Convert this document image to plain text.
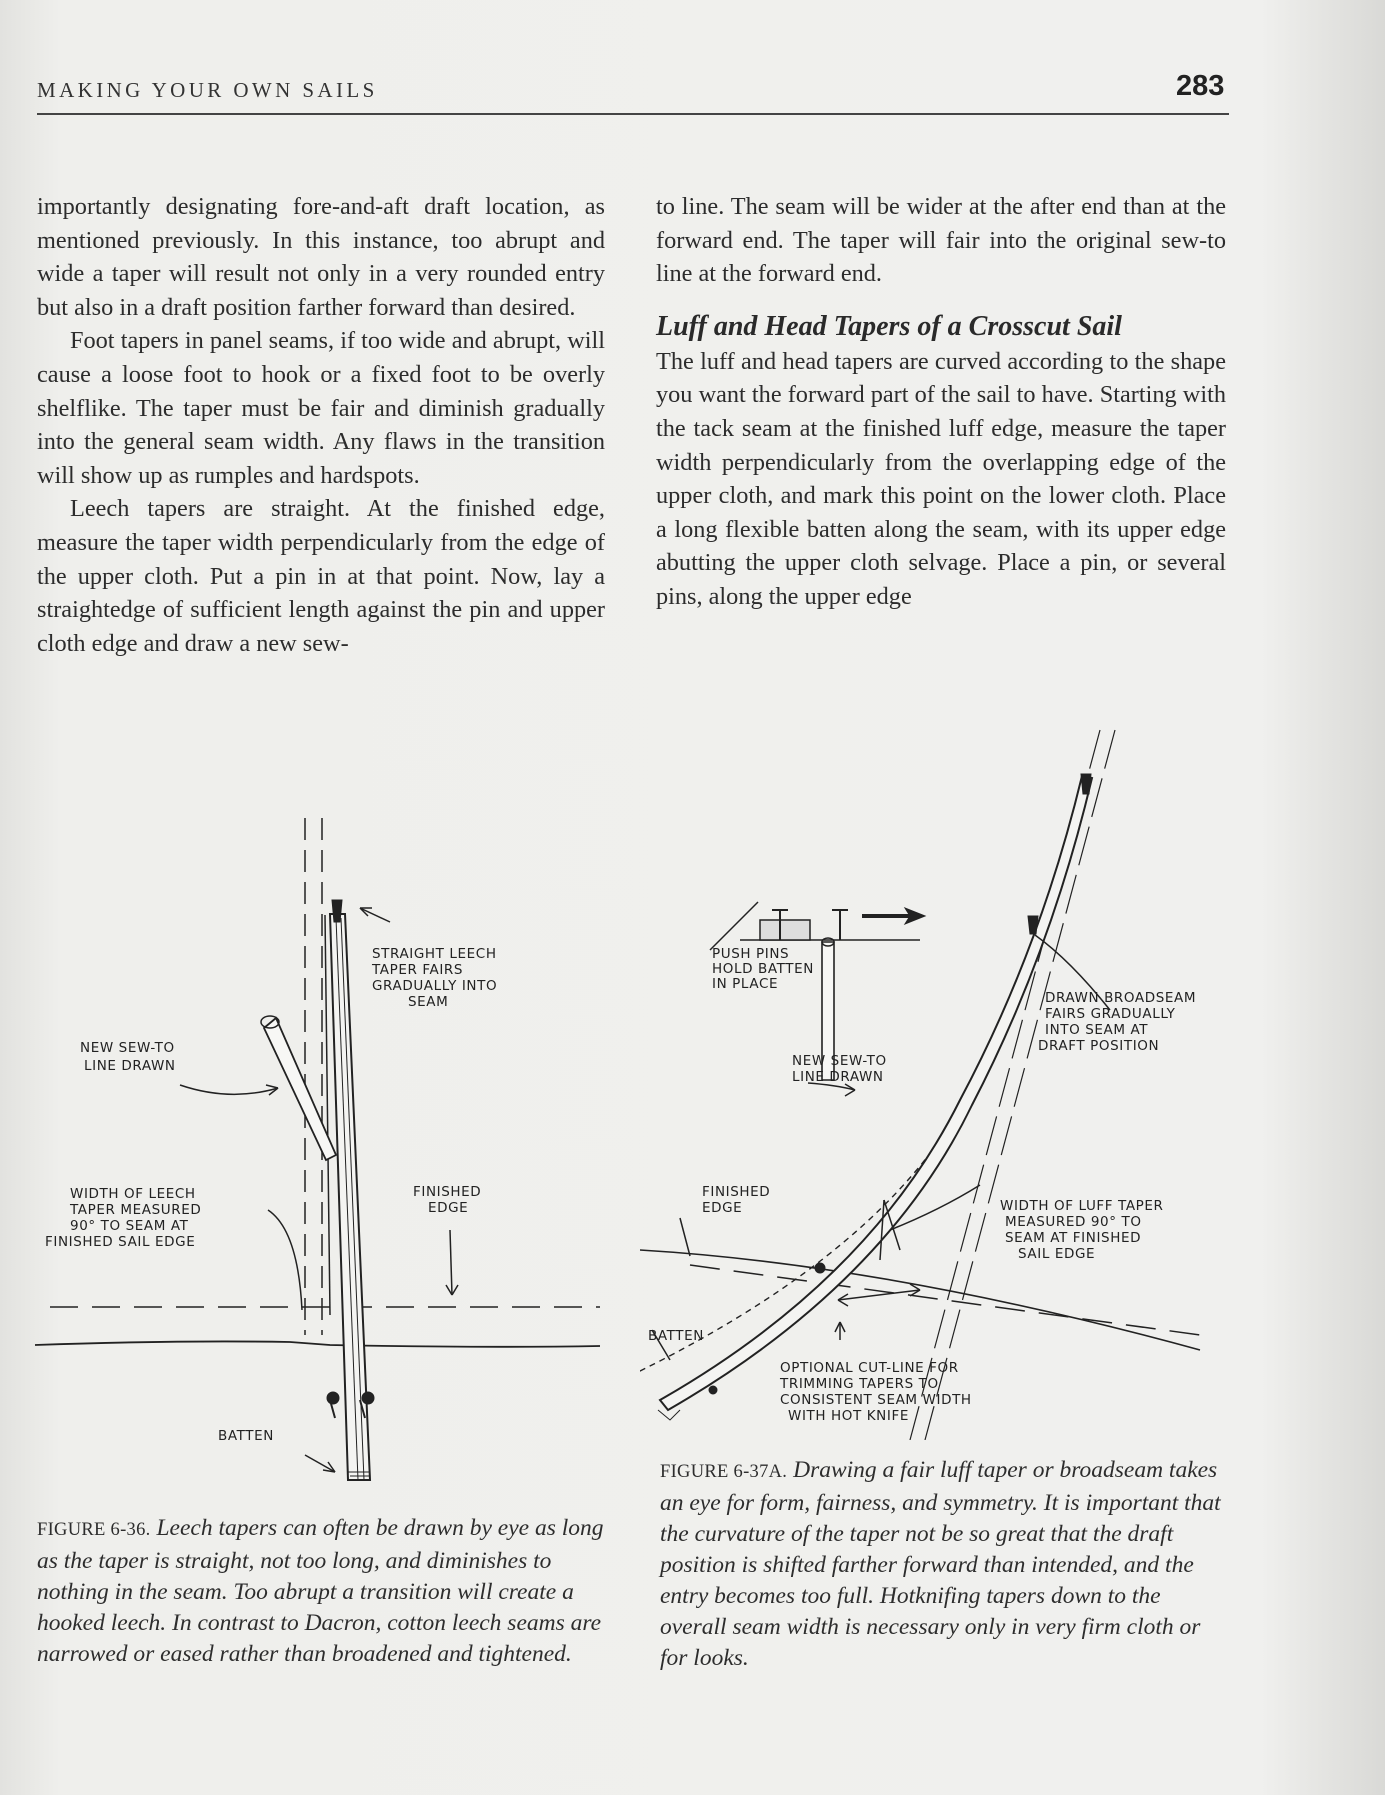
MAKING YOUR OWN SAILS	283

importantly designating fore-and-aft draft location, as mentioned previously. In this instance, too abrupt and wide a taper will result not only in a very rounded entry but also in a draft position farther forward than desired.

Foot tapers in panel seams, if too wide and abrupt, will cause a loose foot to hook or a fixed foot to be overly shelflike. The taper must be fair and diminish gradually into the general seam width. Any flaws in the transition will show up as rumples and hardspots.

Leech tapers are straight. At the finished edge, measure the taper width perpendicularly from the edge of the upper cloth. Put a pin in at that point. Now, lay a straightedge of sufficient length against the pin and upper cloth edge and draw a new sew-

to line. The seam will be wider at the after end than at the forward end. The taper will fair into the original sew-to line at the forward end.

Luff and Head Tapers of a Crosscut Sail

The luff and head tapers are curved according to the shape you want the forward part of the sail to have. Starting with the tack seam at the finished luff edge, measure the taper width perpendicularly from the overlapping edge of the upper cloth, and mark this point on the lower cloth. Place a long flexible batten along the seam, with its upper edge abutting the upper cloth selvage. Place a pin, or several pins, along the upper edge

STRAIGHT LEECH
TAPER FAIRS
GRADUALLY INTO
SEAM
NEW SEW-TO
LINE DRAWN
WIDTH OF LEECH
TAPER MEASURED
90° TO SEAM AT
FINISHED SAIL EDGE
FINISHED
EDGE
BATTEN
PUSH PINS
HOLD BATTEN
IN PLACE
DRAWN BROADSEAM
FAIRS GRADUALLY
INTO SEAM AT
DRAFT POSITION
NEW SEW-TO
LINE DRAWN
FINISHED
EDGE	WIDTH OF LUFF TAPER
MEASURED 90° TO
SEAM AT FINISHED
SAIL EDGE
BATTEN
OPTIONAL CUT-LINE FOR
TRIMMING TAPERS TO
CONSISTENT SEAM WIDTH
WITH HOT KNIFE
FIGURE 6-36. Leech tapers can often be drawn by eye as long as the taper is straight, not too long, and diminishes to nothing in the seam. Too abrupt a transition will create a hooked leech. In contrast to Dacron, cotton leech seams are narrowed or eased rather than broadened and tightened.
FIGURE 6-37A. Drawing a fair luff taper or broadseam takes an eye for form, fairness, and symmetry. It is important that the curvature of the taper not be so great that the draft position is shifted farther forward than intended, and the entry becomes too full. Hotknifing tapers down to the overall seam width is necessary only in very firm cloth or for looks.
